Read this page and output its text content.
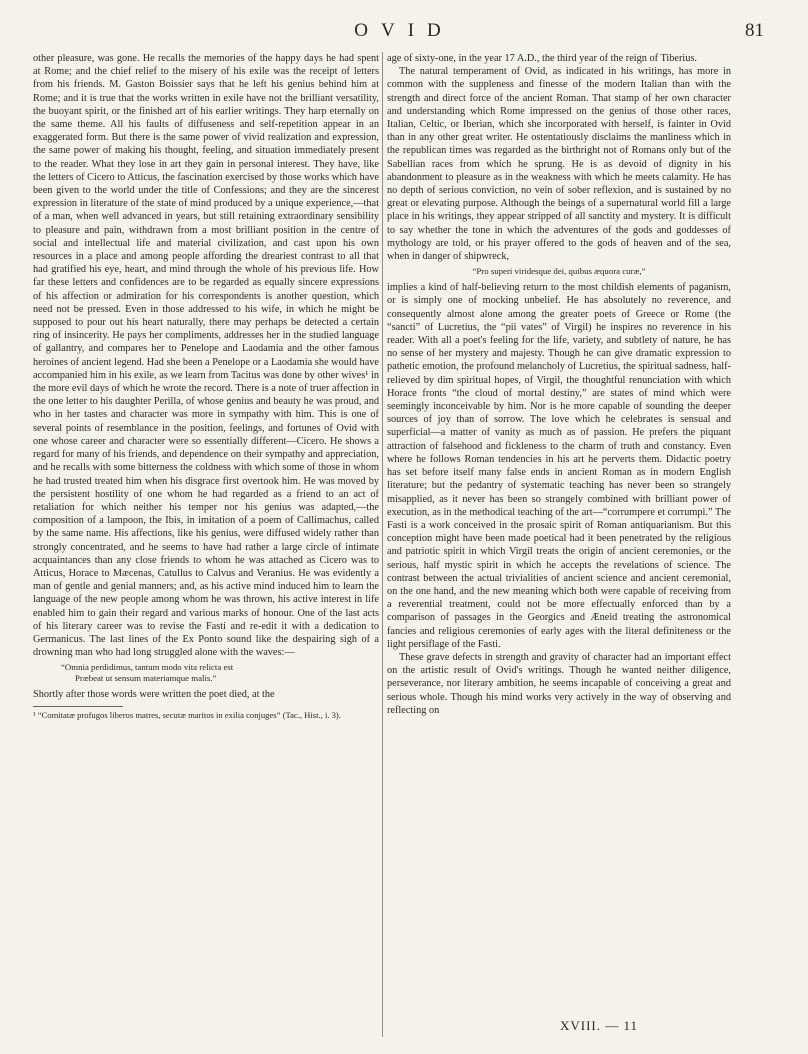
OVID	81

other pleasure, was gone. He recalls the memories of the happy days he had spent at Rome; and the chief relief to the misery of his exile was the receipt of letters from his friends. M. Gaston Boissier says that he left his genius behind him at Rome; and it is true that the works written in exile have not the brilliant versatility, the buoyant spirit, or the finished art of his earlier writings. They harp eternally on the same theme. All his faults of diffuseness and self-repetition appear in an exaggerated form. But there is the same power of vivid realization and expression, the same power of making his thought, feeling, and situation immediately present to the reader. What they lose in art they gain in personal interest. They have, like the letters of Cicero to Atticus, the fascination exercised by those works which have been given to the world under the title of Confessions; and they are the sincerest expression in literature of the state of mind produced by a unique experience,—that of a man, when well advanced in years, but still retaining extraordinary sensibility to pleasure and pain, withdrawn from a most brilliant position in the centre of social and intellectual life and material civilization, and cast upon his own resources in a place and among people affording the dreariest contrast to all that had gratified his eye, heart, and mind through the whole of his previous life. How far these letters and confidences are to be regarded as equally sincere expressions of his affection or admiration for his correspondents is another question, which need not be pressed. Even in those addressed to his wife, in which he might be supposed to pour out his heart naturally, there may perhaps be detected a certain ring of insincerity. He pays her compliments, addresses her in the studied language of gallantry, and compares her to Penelope and Laodamia and the other famous heroines of ancient legend. Had she been a Penelope or a Laodamia she would have accompanied him in his exile, as we learn from Tacitus was done by other wives¹ in the more evil days of which he wrote the record. There is a note of truer affection in the one letter to his daughter Perilla, of whose genius and beauty he was proud, and who in her tastes and character was more in sympathy with him. This is one of several points of resemblance in the position, feelings, and fortunes of Ovid with one whose career and character were so essentially different—Cicero. He shows a regard for many of his friends, and dependence on their sympathy and appreciation, and he recalls with some bitterness the coldness with which some of those in whom he had trusted treated him when his disgrace first overtook him. He was moved by the persistent hostility of one whom he had regarded as a friend to an act of retaliation for which neither his temper nor his genius was adapted,—the composition of a lampoon, the Ibis, in imitation of a poem of Callimachus, called by the same name. His affections, like his genius, were diffused widely rather than strongly concentrated, and he seems to have had rather a large circle of intimate acquaintances than any close friends to whom he was attached as Cicero was to Atticus, Horace to Mæcenas, Catullus to Calvus and Veranius. He was evidently a man of gentle and genial manners; and, as his active mind induced him to learn the language of the new people among whom he was thrown, his active interest in life enabled him to gain their regard and various marks of honour. One of the last acts of his literary career was to revise the Fasti and re-edit it with a dedication to Germanicus. The last lines of the Ex Ponto sound like the despairing sigh of a drowning man who had long struggled alone with the waves:—

“Omnia perdidimus, tantum modo vita relicta est
Præbeat ut sensum materiamque malis.”

Shortly after those words were written the poet died, at the

¹ “Comitatæ profugos liberos matres, secutæ maritos in exilia conjuges” (Tac., Hist., i. 3).

age of sixty-one, in the year 17 A.D., the third year of the reign of Tiberius.

The natural temperament of Ovid, as indicated in his writings, has more in common with the suppleness and finesse of the modern Italian than with the strength and direct force of the ancient Roman. That stamp of her own character and understanding which Rome impressed on the genius of those other races, Italian, Celtic, or Iberian, which she incorporated with herself, is fainter in Ovid than in any other great writer. He ostentatiously disclaims the manliness which in the republican times was regarded as the birthright not of Romans only but of the Sabellian races from which he sprung. He is as devoid of dignity in his abandonment to pleasure as in the weakness with which he meets calamity. He has no depth of serious conviction, no vein of sober reflexion, and is sustained by no great or elevating purpose. Although the beings of a supernatural world fill a large place in his writings, they appear stripped of all sanctity and mystery. It is difficult to say whether the tone in which the adventures of the gods and goddesses of mythology are told, or his prayer offered to the gods of heaven and of the sea, when in danger of shipwreck,

“Pro superi viridesque dei, quibus æquora curæ,”

implies a kind of half-believing return to the most childish elements of paganism, or is simply one of mocking unbelief. He has absolutely no reverence, and consequently almost alone among the greater poets of Greece or Rome (the “sancti” of Lucretius, the “pii vates” of Virgil) he inspires no reverence in his reader. With all a poet's feeling for the life, variety, and subtlety of nature, he has no sense of her mystery and majesty. Though he can give dramatic expression to pathetic emotion, the profound melancholy of Lucretius, the spiritual sadness, half-relieved by dim spiritual hopes, of Virgil, the thoughtful renunciation with which Horace fronts “the cloud of mortal destiny,” are states of mind which were seemingly inconceivable by him. Nor is he more capable of sounding the deeper sources of joy than of sorrow. The love which he celebrates is sensual and superficial—a matter of vanity as much as of passion. He prefers the piquant attraction of falsehood and fickleness to the charm of truth and constancy. Even where he follows Roman tendencies in his art he perverts them. Didactic poetry has set before itself many false ends in ancient Roman as in modern English literature; but the pedantry of systematic teaching has never been so strangely misapplied, as it never has been so strangely combined with brilliant power of execution, as in the methodical teaching of the art—“corrumpere et corrumpi.” The Fasti is a work conceived in the prosaic spirit of Roman antiquarianism. But this conception might have been made poetical had it been penetrated by the religious and patriotic spirit in which Virgil treats the origin of ancient ceremonies, or the serious, half mystic spirit in which he accepts the revelations of science. The contrast between the actual trivialities of ancient science and ancient ceremonial, on the one hand, and the new meaning which both were capable of receiving from a reverential treatment, could not be more effectually enforced than by a comparison of passages in the Georgics and Æneid treating the astronomical fancies and religious ceremonies of early ages with the literal definiteness or the light persiflage of the Fasti.

These grave defects in strength and gravity of character had an important effect on the artistic result of Ovid's writings. Though he wanted neither diligence, perseverance, nor literary ambition, he seems incapable of conceiving a great and serious whole. Though his mind works very actively in the way of observing and reflecting on

XVIII. — 11
